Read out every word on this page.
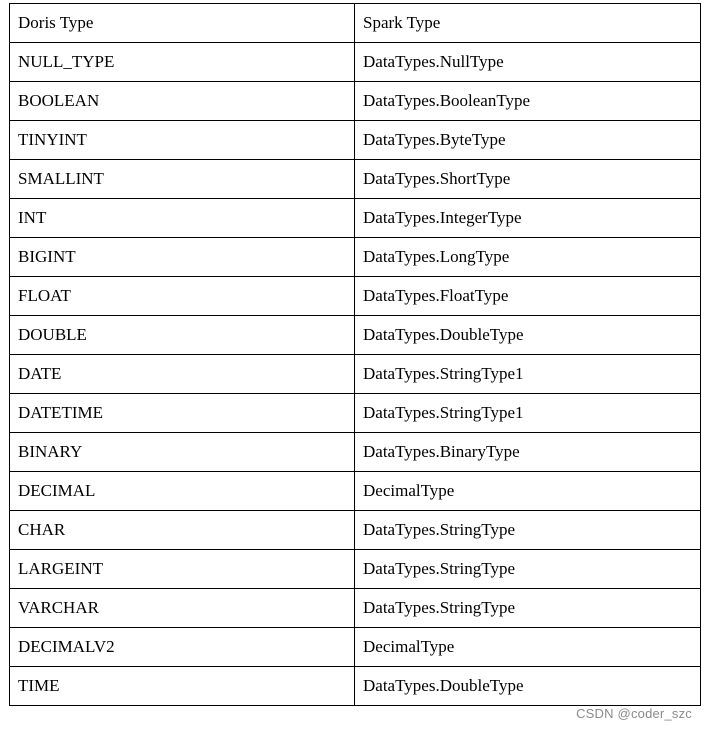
Doris Type	Spark Type
NULL_TYPE	DataTypes.NullType
BOOLEAN	DataTypes.BooleanType
TINYINT	DataTypes.ByteType
SMALLINT	DataTypes.ShortType
INT	DataTypes.IntegerType
BIGINT	DataTypes.LongType
FLOAT	DataTypes.FloatType
DOUBLE	DataTypes.DoubleType
DATE	DataTypes.StringType1
DATETIME	DataTypes.StringType1
BINARY	DataTypes.BinaryType
DECIMAL	DecimalType
CHAR	DataTypes.StringType
LARGEINT	DataTypes.StringType
VARCHAR	DataTypes.StringType
DECIMALV2	DecimalType
TIME	DataTypes.DoubleType
CSDN @coder_szc
